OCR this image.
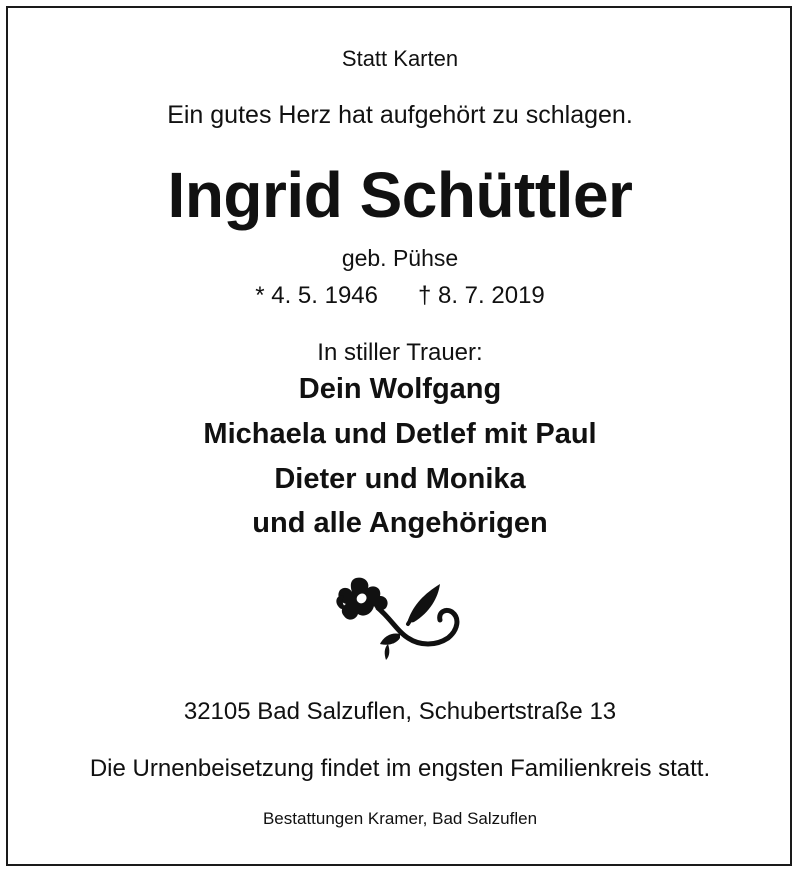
Statt Karten
Ein gutes Herz hat aufgehört zu schlagen.
Ingrid Schüttler
geb. Pühse
* 4. 5. 1946 † 8. 7. 2019
In stiller Trauer:
Dein Wolfgang
Michaela und Detlef mit Paul
Dieter und Monika
und alle Angehörigen
32105 Bad Salzuflen, Schubertstraße 13
Die Urnenbeisetzung findet im engsten Familienkreis statt.
Bestattungen Kramer, Bad Salzuflen
